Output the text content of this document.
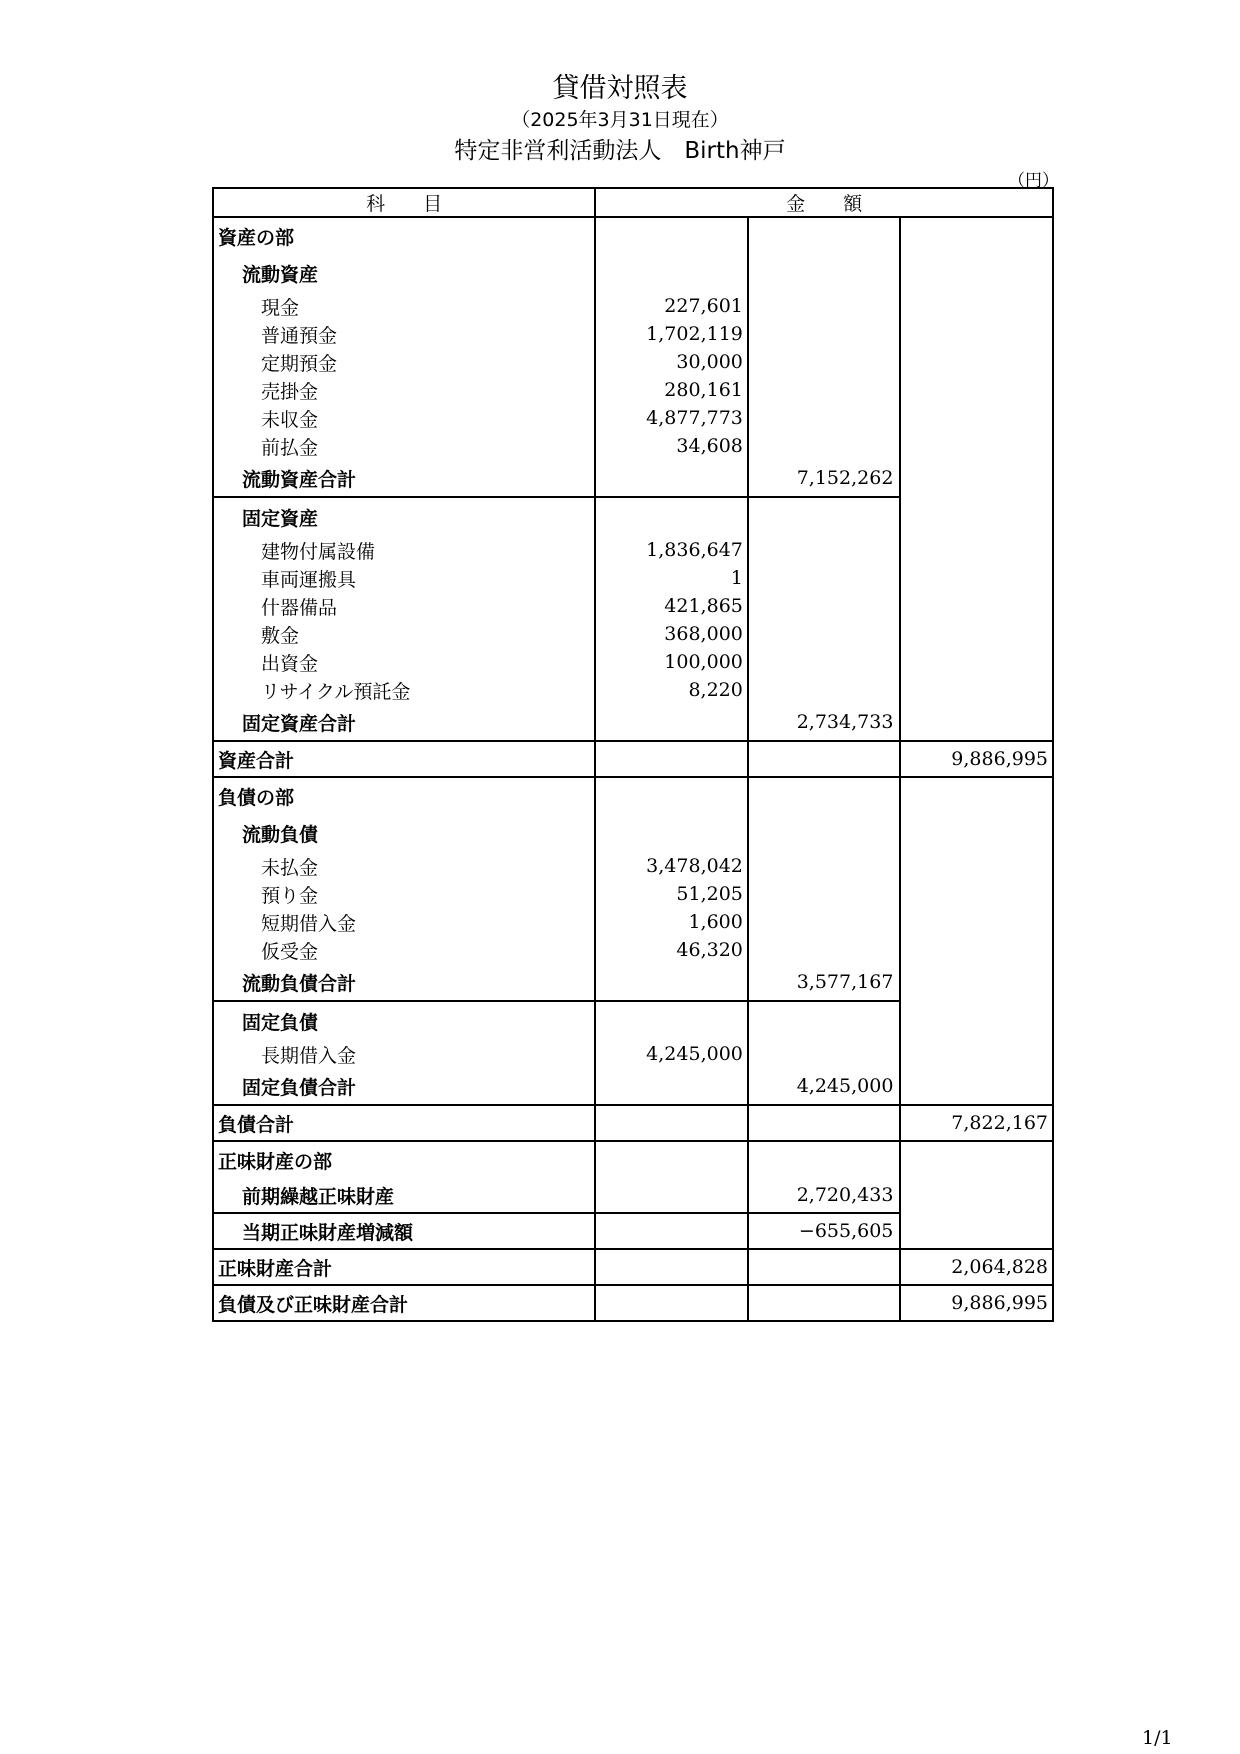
貸借対照表
（2025年3月31日現在）
特定非営利活動法人　Birth神戸
（円）
科　　目	金　　額		
資産の部			
流動資産			
現金	227,601		
普通預金	1,702,119		
定期預金	30,000		
売掛金	280,161		
未収金	4,877,773		
前払金	34,608		
流動資産合計		7,152,262	
固定資産			
建物付属設備	1,836,647		
車両運搬具	1		
什器備品	421,865		
敷金	368,000		
出資金	100,000		
リサイクル預託金	8,220		
固定資産合計		2,734,733	
資産合計			9,886,995
負債の部			
流動負債			
未払金	3,478,042		
預り金	51,205		
短期借入金	1,600		
仮受金	46,320		
流動負債合計		3,577,167	
固定負債			
長期借入金	4,245,000		
固定負債合計		4,245,000	
負債合計			7,822,167
正味財産の部			
前期繰越正味財産		2,720,433	
当期正味財産増減額		−655,605	
正味財産合計			2,064,828
負債及び正味財産合計			9,886,995
1/1
